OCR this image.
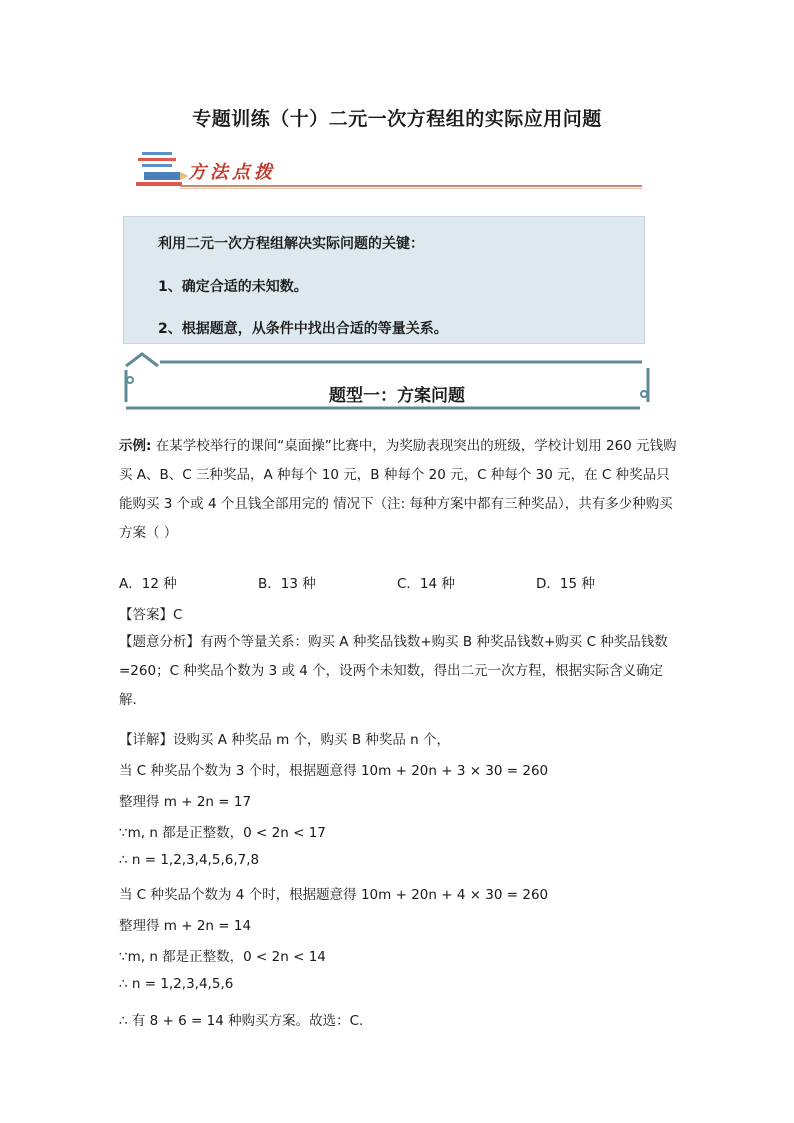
专题训练（十）二元一次方程组的实际应用问题
方法点拨

利用二元一次方程组解决实际问题的关键：

1、确定合适的未知数。

2、根据题意，从条件中找出合适的等量关系。

题型一：方案问题

示例: 在某学校举行的课间“桌面操”比赛中，为奖励表现突出的班级，学校计划用 260 元钱购买 A、B、C 三种奖品，A 种每个 10 元，B 种每个 20 元，C 种每个 30 元，在 C 种奖品只能购买 3 个或 4 个且钱全部用完的 情况下（注: 每种方案中都有三种奖品），共有多少种购买方案（ ）

A．12 种	B．13 种	C．14 种	D．15 种
【答案】C

【题意分析】有两个等量关系：购买 A 种奖品钱数+购买 B 种奖品钱数+购买 C 种奖品钱数=260；C 种奖品个数为 3 或 4 个，设两个未知数，得出二元一次方程，根据实际含义确定解．

【详解】设购买 A 种奖品 m 个，购买 B 种奖品 n 个，
当 C 种奖品个数为 3 个时，根据题意得 10m + 20n + 3 × 30 = 260
整理得 m + 2n = 17
∵m, n 都是正整数，0 < 2n < 17
∴ n = 1,2,3,4,5,6,7,8
当 C 种奖品个数为 4 个时，根据题意得 10m + 20n + 4 × 30 = 260
整理得 m + 2n = 14
∵m, n 都是正整数，0 < 2n < 14
∴ n = 1,2,3,4,5,6
∴ 有 8 + 6 = 14 种购买方案。故选：C.
